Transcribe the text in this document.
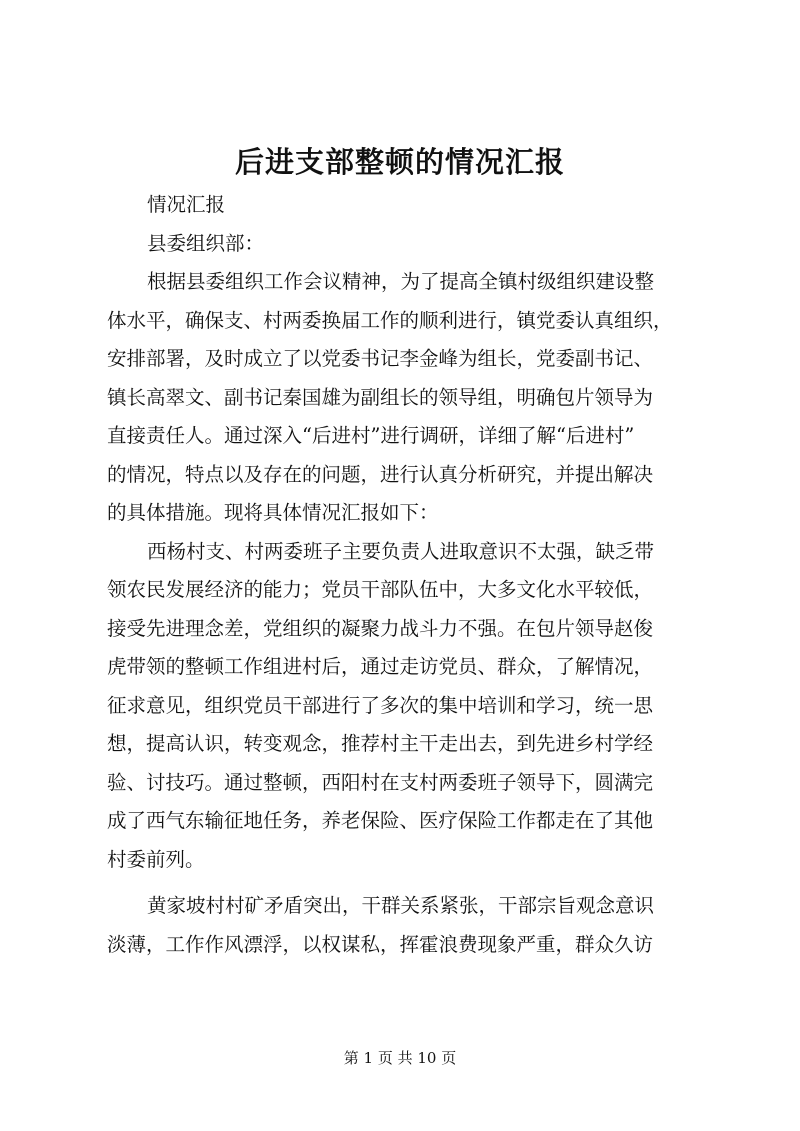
后进支部整顿的情况汇报
情况汇报
县委组织部：
根据县委组织工作会议精神，为了提高全镇村级组织建设整
体水平，确保支、村两委换届工作的顺利进行，镇党委认真组织，
安排部署，及时成立了以党委书记李金峰为组长，党委副书记、
镇长高翠文、副书记秦国雄为副组长的领导组，明确包片领导为
直接责任人。通过深入“后进村”进行调研，详细了解“后进村”
的情况，特点以及存在的问题，进行认真分析研究，并提出解决
的具体措施。现将具体情况汇报如下：
西杨村支、村两委班子主要负责人进取意识不太强，缺乏带
领农民发展经济的能力；党员干部队伍中，大多文化水平较低，
接受先进理念差，党组织的凝聚力战斗力不强。在包片领导赵俊
虎带领的整顿工作组进村后，通过走访党员、群众，了解情况，
征求意见，组织党员干部进行了多次的集中培训和学习，统一思
想，提高认识，转变观念，推荐村主干走出去，到先进乡村学经
验、讨技巧。通过整顿，西阳村在支村两委班子领导下，圆满完
成了西气东输征地任务，养老保险、医疗保险工作都走在了其他
村委前列。
黄家坡村村矿矛盾突出，干群关系紧张，干部宗旨观念意识
淡薄，工作作风漂浮，以权谋私，挥霍浪费现象严重，群众久访
第 1 页 共 10 页
